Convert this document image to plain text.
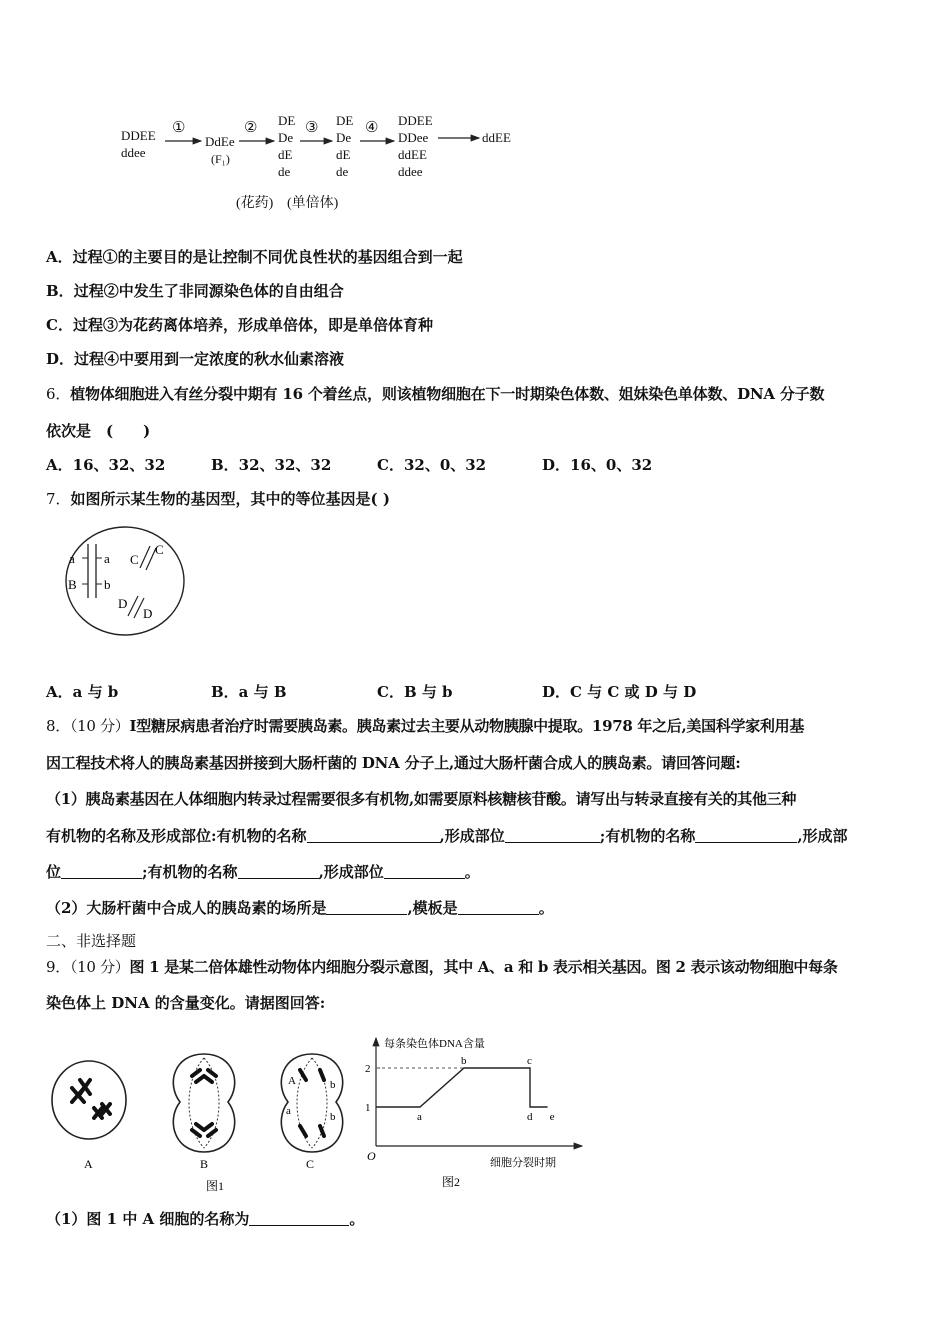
DDEE
ddee
①
DdEe
(F₁)
② DE
De
dE
de
③ DE
De
dE
de
④ DDEE
DDee
ddEE
ddee
ddEE
(花药) (单倍体)
A．过程①的主要目的是让控制不同优良性状的基因组合到一起
B．过程②中发生了非同源染色体的自由组合
C．过程③为花药离体培养，形成单倍体，即是单倍体育种
D．过程④中要用到一定浓度的秋水仙素溶液
6．植物体细胞进入有丝分裂中期有 16 个着丝点，则该植物细胞在下一时期染色体数、姐妹染色单体数、DNA 分子数
依次是　(　　)
A．16、32、32	B．32、32、32	C．32、0、32	D．16、0、32
7．如图所示某生物的基因型，其中的等位基因是( )
a a
B b
C
C
D
D
A．a 与 b	B．a 与 B	C．B 与 b	D．C 与 C 或 D 与 D
8．（10 分）Ⅰ型糖尿病患者治疗时需要胰岛素。胰岛素过去主要从动物胰腺中提取。1978 年之后,美国科学家利用基
因工程技术将人的胰岛素基因拼接到大肠杆菌的 DNA 分子上,通过大肠杆菌合成人的胰岛素。请回答问题:
（1）胰岛素基因在人体细胞内转录过程需要很多有机物,如需要原料核糖核苷酸。请写出与转录直接有关的其他三种
有机物的名称及形成部位:有机物的名称	,形成部位	;有机物的名称	,形成部
位	;有机物的名称	,形成部位	。
（2）大肠杆菌中合成人的胰岛素的场所是	,模板是	。
二、非选择题
9．（10 分）图 1 是某二倍体雄性动物体内细胞分裂示意图，其中 A、a 和 b 表示相关基因。图 2 表示该动物细胞中每条
染色体上 DNA 的含量变化。请据图回答:
A	B
A	b
a	b
C
图1
每条染色体DNA含量
细胞分裂时期
O
1
2
a
b	c
d e
图2
（1）图 1 中 A 细胞的名称为	。
